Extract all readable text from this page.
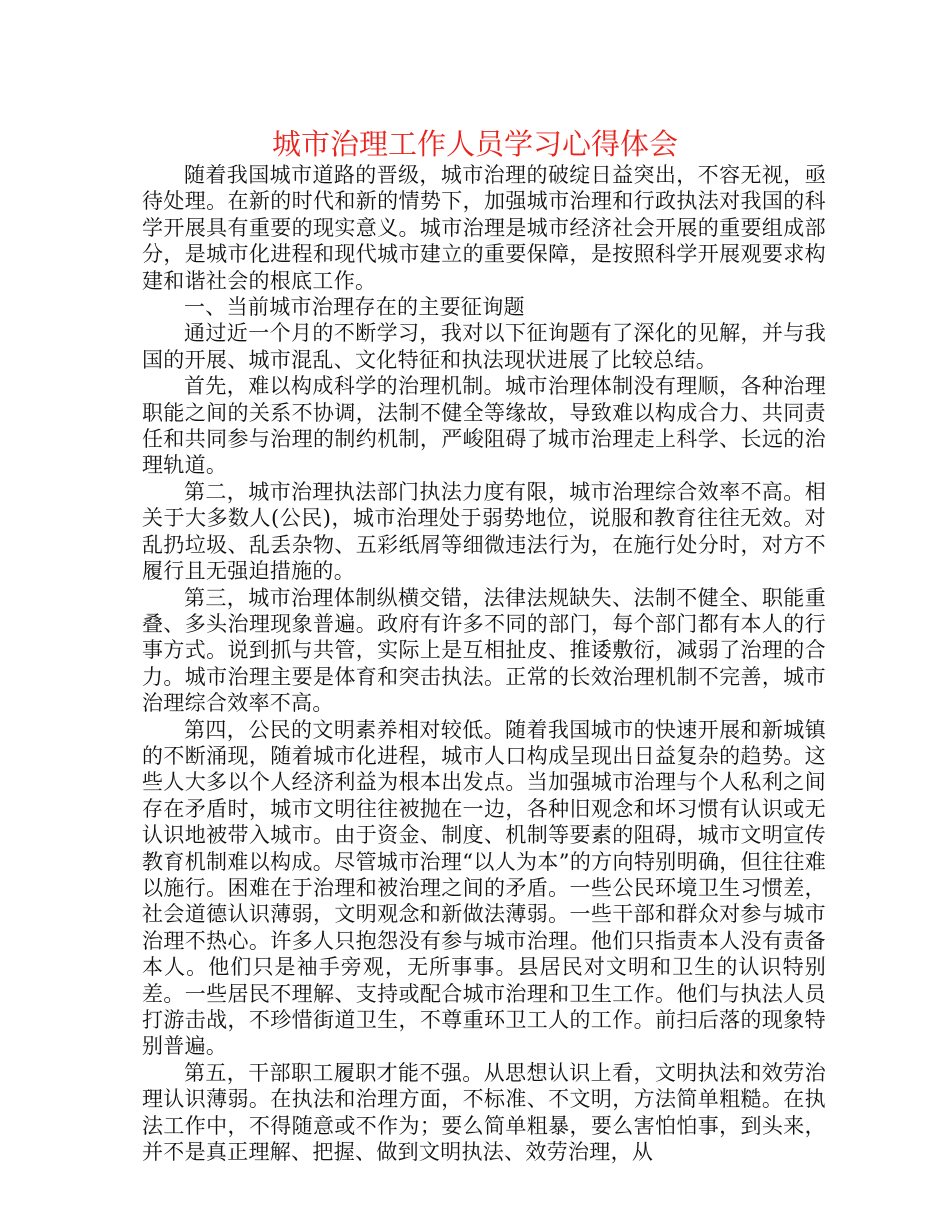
城市治理工作人员学习心得体会

随着我国城市道路的晋级，城市治理的破绽日益突出，不容无视，亟待处理。在新的时代和新的情势下，加强城市治理和行政执法对我国的科学开展具有重要的现实意义。城市治理是城市经济社会开展的重要组成部分，是城市化进程和现代城市建立的重要保障，是按照科学开展观要求构建和谐社会的根底工作。

一、当前城市治理存在的主要征询题

通过近一个月的不断学习，我对以下征询题有了深化的见解，并与我国的开展、城市混乱、文化特征和执法现状进展了比较总结。

首先，难以构成科学的治理机制。城市治理体制没有理顺，各种治理职能之间的关系不协调，法制不健全等缘故，导致难以构成合力、共同责任和共同参与治理的制约机制，严峻阻碍了城市治理走上科学、长远的治理轨道。

第二，城市治理执法部门执法力度有限，城市治理综合效率不高。相关于大多数人(公民)，城市治理处于弱势地位，说服和教育往往无效。对乱扔垃圾、乱丢杂物、五彩纸屑等细微违法行为，在施行处分时，对方不履行且无强迫措施的。

第三，城市治理体制纵横交错，法律法规缺失、法制不健全、职能重叠、多头治理现象普遍。政府有许多不同的部门，每个部门都有本人的行事方式。说到抓与共管，实际上是互相扯皮、推诿敷衍，减弱了治理的合力。城市治理主要是体育和突击执法。正常的长效治理机制不完善，城市治理综合效率不高。

第四，公民的文明素养相对较低。随着我国城市的快速开展和新城镇的不断涌现，随着城市化进程，城市人口构成呈现出日益复杂的趋势。这些人大多以个人经济利益为根本出发点。当加强城市治理与个人私利之间存在矛盾时，城市文明往往被抛在一边，各种旧观念和坏习惯有认识或无认识地被带入城市。由于资金、制度、机制等要素的阻碍，城市文明宣传教育机制难以构成。尽管城市治理“以人为本”的方向特别明确，但往往难以施行。困难在于治理和被治理之间的矛盾。一些公民环境卫生习惯差，社会道德认识薄弱，文明观念和新做法薄弱。一些干部和群众对参与城市治理不热心。许多人只抱怨没有参与城市治理。他们只指责本人没有责备本人。他们只是袖手旁观，无所事事。县居民对文明和卫生的认识特别差。一些居民不理解、支持或配合城市治理和卫生工作。他们与执法人员打游击战，不珍惜街道卫生，不尊重环卫工人的工作。前扫后落的现象特别普遍。

第五，干部职工履职才能不强。从思想认识上看，文明执法和效劳治理认识薄弱。在执法和治理方面，不标准、不文明，方法简单粗糙。在执法工作中，不得随意或不作为；要么简单粗暴，要么害怕怕事，到头来，并不是真正理解、把握、做到文明执法、效劳治理，从
